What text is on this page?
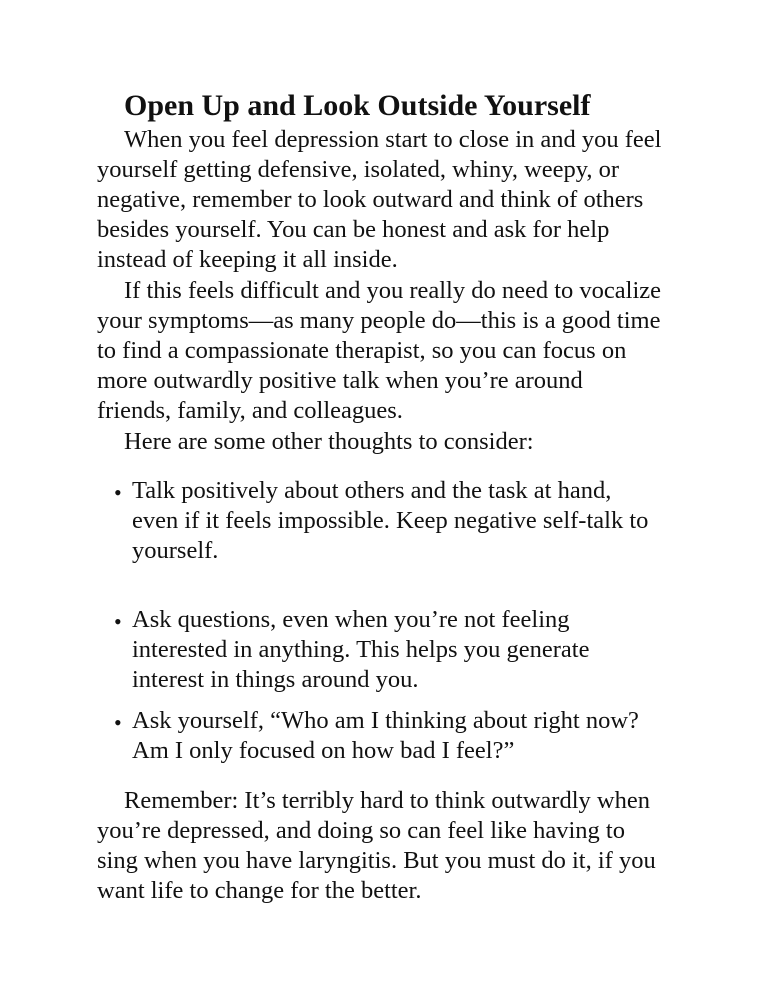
Open Up and Look Outside Yourself
When you feel depression start to close in and you feel
yourself getting defensive, isolated, whiny, weepy, or
negative, remember to look outward and think of others
besides yourself. You can be honest and ask for help
instead of keeping it all inside.
If this feels difficult and you really do need to vocalize
your symptoms—as many people do—this is a good time
to find a compassionate therapist, so you can focus on
more outwardly positive talk when you’re around
friends, family, and colleagues.
Here are some other thoughts to consider:
• Talk positively about others and the task at hand,
even if it feels impossible. Keep negative self-talk to
yourself.
• Ask questions, even when you’re not feeling
interested in anything. This helps you generate
interest in things around you.
• Ask yourself, “Who am I thinking about right now?
Am I only focused on how bad I feel?”
Remember: It’s terribly hard to think outwardly when
you’re depressed, and doing so can feel like having to
sing when you have laryngitis. But you must do it, if you
want life to change for the better.
